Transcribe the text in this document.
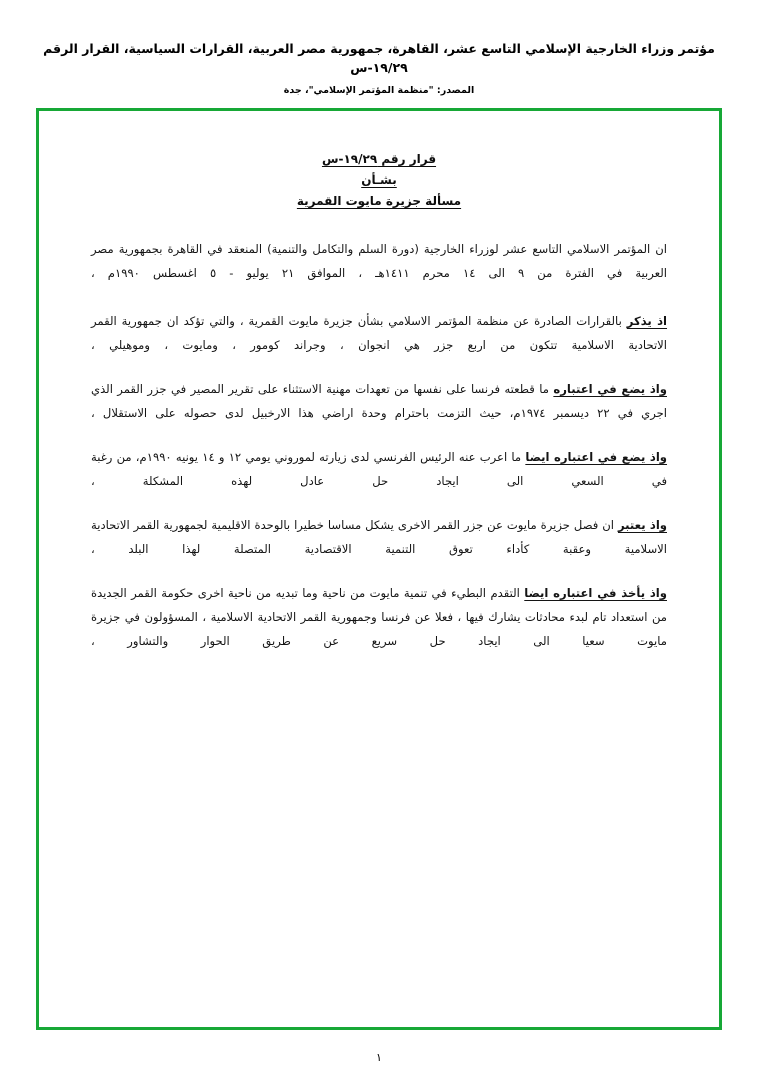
مؤتمر وزراء الخارجية الإسلامي التاسع عشر، القاهرة، جمهورية مصر العربية، القرارات السياسية، القرار الرقم ١٩/٢٩-س
المصدر: "منظمة المؤتمر الإسلامي"، جدة
قرار رقم ١٩/٢٩-س
بشـأن
مسألة جزيرة مايوت القمرية

ان المؤتمر الاسلامي التاسع عشر لوزراء الخارجية (دورة السلم والتكامل والتنمية) المنعقد في القاهرة بجمهورية مصر العربية في الفترة من ٩ الى ١٤ محرم ١٤١١هـ ، الموافق ٢١ يوليو - ٥ اغسطس ١٩٩٠م ،

اذ يذكر بالقرارات الصادرة عن منظمة المؤتمر الاسلامي بشأن جزيرة مايوت القمرية ، والتي تؤكد ان جمهورية القمر الاتحادية الاسلامية تتكون من اربع جزر هي انجوان ، وجراند كومور ، ومايوت ، وموهيلي ،

واذ يضع في اعتباره ما قطعته فرنسا على نفسها من تعهدات مهنية الاستثناء على تقرير المصير في جزر القمر الذي اجري في ٢٢ ديسمبر ١٩٧٤م، حيث التزمت باحترام وحدة اراضي هذا الارخبيل لدى حصوله على الاستقلال ،

واذ يضع في اعتباره ايضا ما اعرب عنه الرئيس الفرنسي لدى زيارته لموروني يومي ١٢ و ١٤ يونيه ١٩٩٠م، من رغبة في السعي الى ايجاد حل عادل لهذه المشكلة ،

واذ يعتبر ان فصل جزيرة مايوت عن جزر القمر الاخرى يشكل مساسا خطيرا بالوحدة الاقليمية لجمهورية القمر الاتحادية الاسلامية وعقبة كأداء تعوق التنمية الاقتصادية المتصلة لهذا البلد ،

واذ يأخذ في اعتباره ايضا التقدم البطيء في تنمية مايوت من ناحية وما تبديه من ناحية اخرى حكومة القمر الجديدة من استعداد تام لبدء محادثات يشارك فيها ، فعلا عن فرنسا وجمهورية القمر الاتحادية الاسلامية ، المسؤولون في جزيرة مايوت سعيا الى ايجاد حل سريع عن طريق الحوار والتشاور ،

١
